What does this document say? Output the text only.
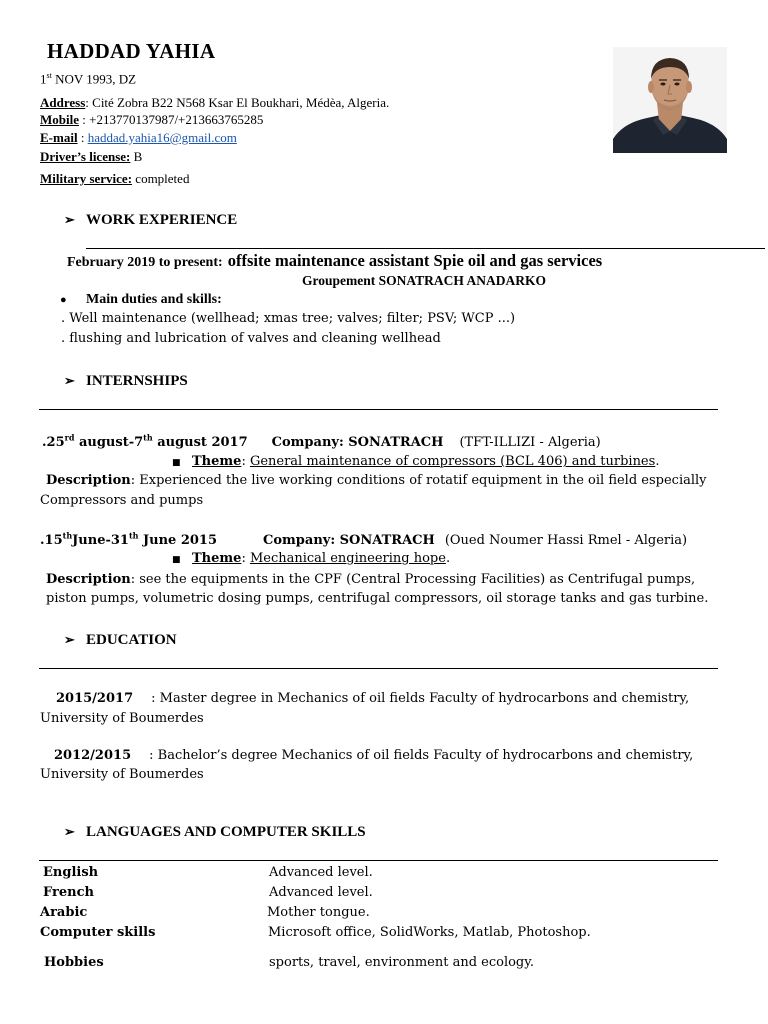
HADDAD YAHIA
1st NOV 1993, DZ
Address: Cité Zobra B22 N568 Ksar El Boukhari, Médèa, Algeria.
Mobile : +213770137987/+213663765285
E-mail : haddad.yahia16@gmail.com
Driver’s license: B
Military service: completed
➢ WORK EXPERIENCE
February 2019 to present: offsite maintenance assistant Spie oil and gas services
Groupement SONATRACH ANADARKO
● Main duties and skills:
. Well maintenance (wellhead; xmas tree; valves; filter; PSV; WCP ...)
. flushing and lubrication of valves and cleaning wellhead
➢ INTERNSHIPS
.25rd august-7th august 2017 Company: SONATRACH (TFT-ILLIZI - Algeria)
■ Theme: General maintenance of compressors (BCL 406) and turbines.
Description: Experienced the live working conditions of rotatif equipment in the oil field especially
Compressors and pumps
.15thJune-31th June 2015	Company: SONATRACH (Oued Noumer Hassi Rmel - Algeria)
■ Theme: Mechanical engineering hope.
Description: see the equipments in the CPF (Central Processing Facilities) as Centrifugal pumps,
piston pumps, volumetric dosing pumps, centrifugal compressors, oil storage tanks and gas turbine.
➢ EDUCATION
2015/2017 : Master degree in Mechanics of oil fields Faculty of hydrocarbons and chemistry,
University of Boumerdes
2012/2015 : Bachelor’s degree Mechanics of oil fields Faculty of hydrocarbons and chemistry,
University of Boumerdes
➢ LANGUAGES AND COMPUTER SKILLS
English	Advanced level.
French	Advanced level.
Arabic	Mother tongue.
Computer skills	Microsoft office, SolidWorks, Matlab, Photoshop.
Hobbies	sports, travel, environment and ecology.
